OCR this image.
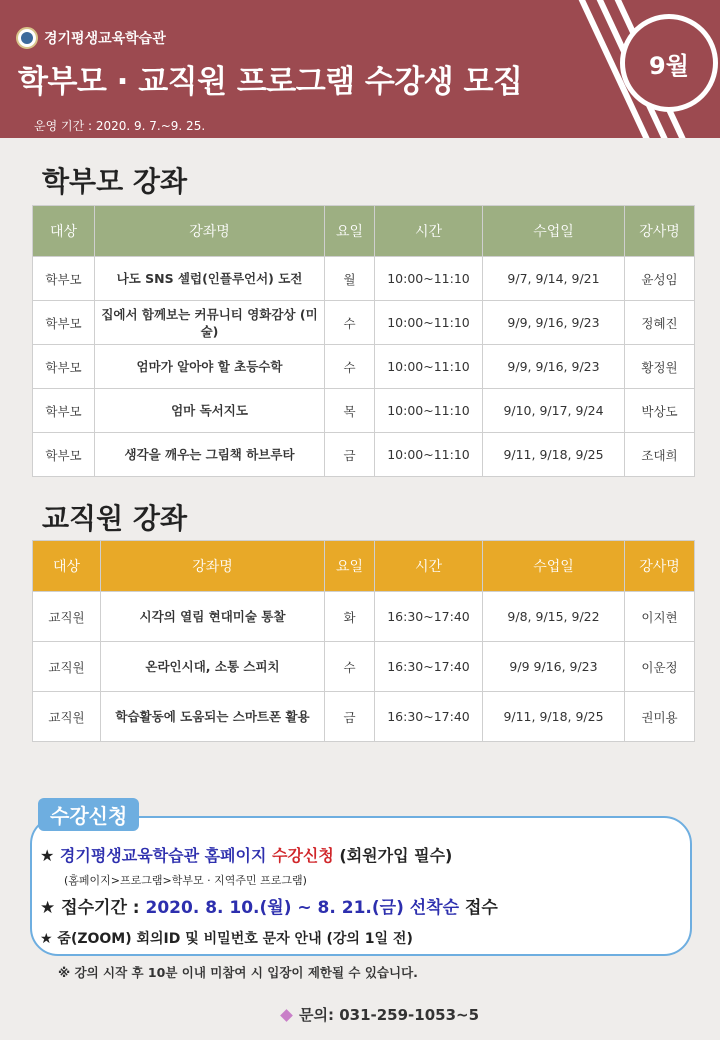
경기평생교육학습관
학부모 · 교직원 프로그램 수강생 모집
운영 기간 : 2020. 9. 7.~9. 25.
9월
학부모 강좌
대상	강좌명	요일	시간	수업일	강사명
학부모	나도 SNS 셀럽(인플루언서) 도전	월	10:00~11:10	9/7, 9/14, 9/21	윤성임
학부모	집에서 함께보는 커뮤니티 영화감상 (미술)	수	10:00~11:10	9/9, 9/16, 9/23	정혜진
학부모	엄마가 알아야 할 초등수학	수	10:00~11:10	9/9, 9/16, 9/23	황정원
학부모	엄마 독서지도	목	10:00~11:10	9/10, 9/17, 9/24	박상도
학부모	생각을 깨우는 그림책 하브루타	금	10:00~11:10	9/11, 9/18, 9/25	조대희
교직원 강좌
대상	강좌명	요일	시간	수업일	강사명
교직원	시각의 열림 현대미술 통찰	화	16:30~17:40	9/8, 9/15, 9/22	이지현
교직원	온라인시대, 소통 스피치	수	16:30~17:40	9/9 9/16, 9/23	이운정
교직원	학습활동에 도움되는 스마트폰 활용	금	16:30~17:40	9/11, 9/18, 9/25	권미용
수강신청
★ 경기평생교육학습관 홈페이지 수강신청 (회원가입 필수)
(홈페이지>프로그램>학부모 · 지역주민 프로그램)
★ 접수기간 : 2020. 8. 10.(월) ~ 8. 21.(금) 선착순 접수
★ 줌(ZOOM) 회의ID 및 비밀번호 문자 안내 (강의 1일 전)
※ 강의 시작 후 10분 이내 미참여 시 입장이 제한될 수 있습니다.
문의: 031-259-1053~5
